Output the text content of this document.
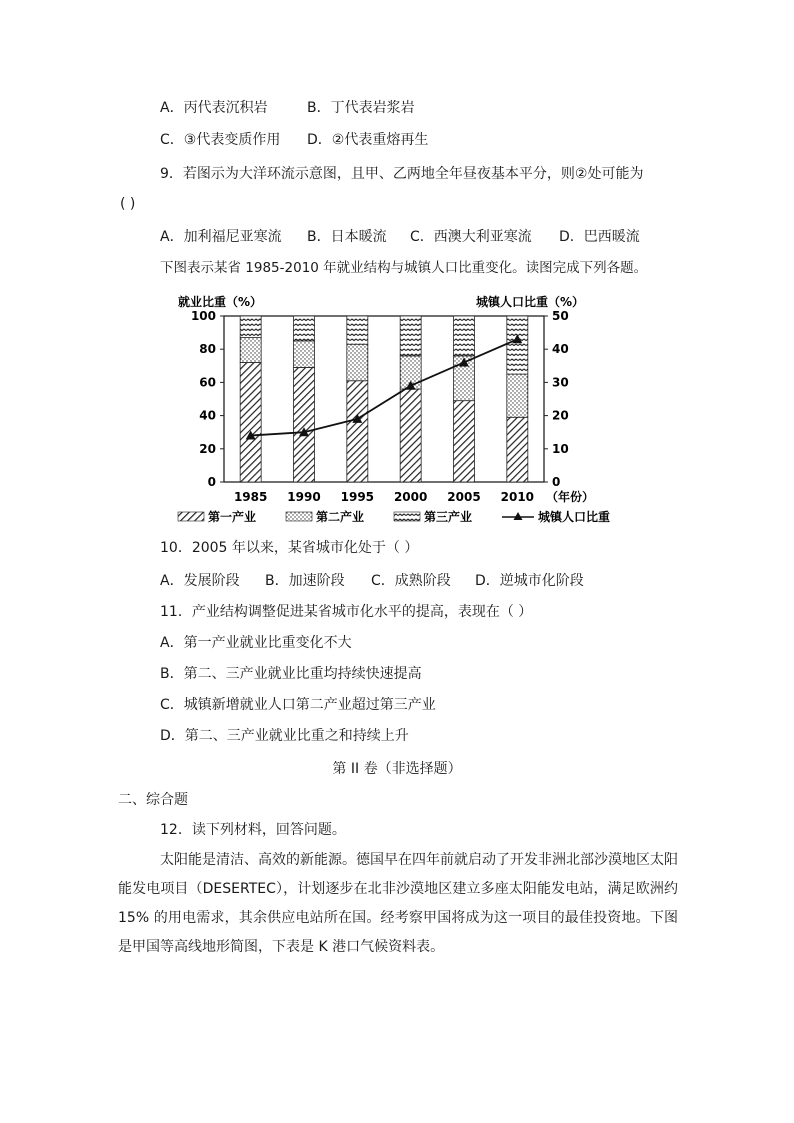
A．丙代表沉积岩	B．丁代表岩浆岩
C．③代表变质作用 D．②代表重熔再生
9．若图示为大洋环流示意图，且甲、乙两地全年昼夜基本平分，则②处可能为
( )
A．加利福尼亚寒流 B．日本暖流 C．西澳大利亚寒流 D．巴西暖流
下图表示某省 1985-2010 年就业结构与城镇人口比重变化。读图完成下列各题。
就业比重（%）	城镇人口比重（%）
0
20
40
60
80
100
0
10
20
30
40
50
1985 1990 1995 2000 2005 2010 （年份）
第一产业	第二产业	第三产业	城镇人口比重
10．2005 年以来，某省城市化处于（ ）
A．发展阶段 B．加速阶段 C．成熟阶段 D．逆城市化阶段
11．产业结构调整促进某省城市化水平的提高，表现在（ ）
A．第一产业就业比重变化不大
B．第二、三产业就业比重均持续快速提高
C．城镇新增就业人口第二产业超过第三产业
D．第二、三产业就业比重之和持续上升
第 II 卷（非选择题）
二、综合题
12．读下列材料，回答问题。
太阳能是清洁、高效的新能源。德国早在四年前就启动了开发非洲北部沙漠地区太阳能发电项目（DESERTEC），计划逐步在北非沙漠地区建立多座太阳能发电站，满足欧洲约 15% 的用电需求，其余供应电站所在国。经考察甲国将成为这一项目的最佳投资地。下图是甲国等高线地形简图，下表是 K 港口气候资料表。
